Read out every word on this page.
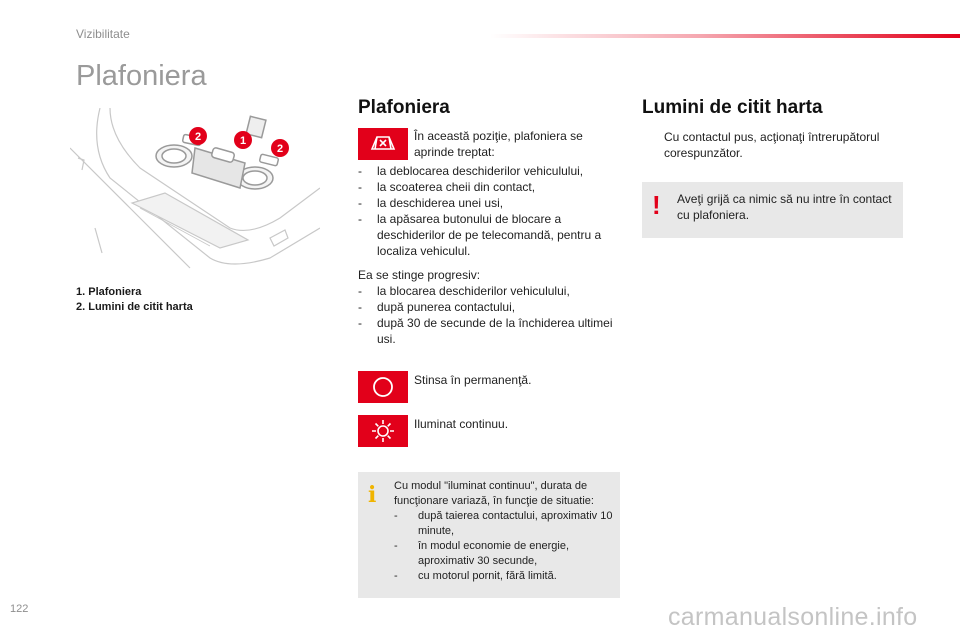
Vizibilitate
Plafoniera
2	1
2
1. Plafoniera
2. Lumini de citit harta
Plafoniera
În această poziţie, plafoniera se aprinde treptat:
- la deblocarea deschiderilor vehiculului,
- la scoaterea cheii din contact,
- la deschiderea unei usi,
- la apăsarea butonului de blocare a deschiderilor de pe telecomandă, pentru a localiza vehiculul.
Ea se stinge progresiv:
- la blocarea deschiderilor vehiculului,
- după punerea contactului,
- după 30 de secunde de la închiderea ultimei usi.
Stinsa în permanenţă.
Iluminat continuu.
i Cu modul "iluminat continuu", durata de funcţionare variază, în funcţie de situatie:
- după taierea contactului, aproximativ 10 minute,
- în modul economie de energie, aproximativ 30 secunde,
- cu motorul pornit, fără limită.
Lumini de citit harta
Cu contactul pus, acţionaţi întrerupătorul corespunzător.
! Aveţi grijă ca nimic să nu intre în contact cu plafoniera.
122	carmanualsonline.info
